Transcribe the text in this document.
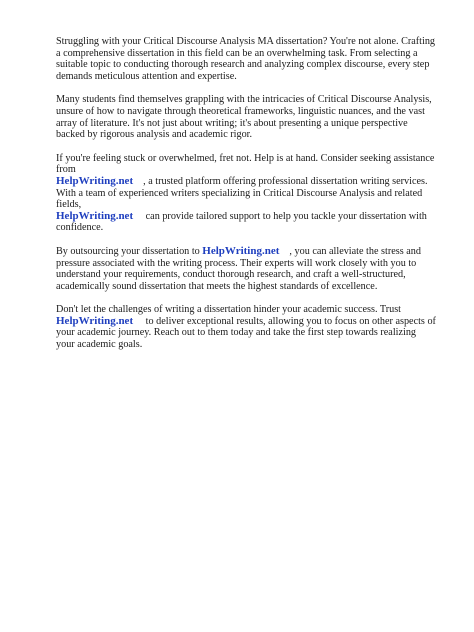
Struggling with your Critical Discourse Analysis MA dissertation? You're not alone. Crafting a comprehensive dissertation in this field can be an overwhelming task. From selecting a suitable topic to conducting thorough research and analyzing complex discourse, every step demands meticulous attention and expertise.

Many students find themselves grappling with the intricacies of Critical Discourse Analysis, unsure of how to navigate through theoretical frameworks, linguistic nuances, and the vast array of literature. It's not just about writing; it's about presenting a unique perspective backed by rigorous analysis and academic rigor.

If you're feeling stuck or overwhelmed, fret not. Help is at hand. Consider seeking assistance from
HelpWriting.net , a trusted platform offering professional dissertation writing services. With a team of experienced writers specializing in Critical Discourse Analysis and related fields,
HelpWriting.net can provide tailored support to help you tackle your dissertation with confidence.

By outsourcing your dissertation to HelpWriting.net , you can alleviate the stress and pressure associated with the writing process. Their experts will work closely with you to understand your requirements, conduct thorough research, and craft a well-structured, academically sound dissertation that meets the highest standards of excellence.

Don't let the challenges of writing a dissertation hinder your academic success. Trust
HelpWriting.net to deliver exceptional results, allowing you to focus on other aspects of your academic journey. Reach out to them today and take the first step towards realizing your academic goals.
